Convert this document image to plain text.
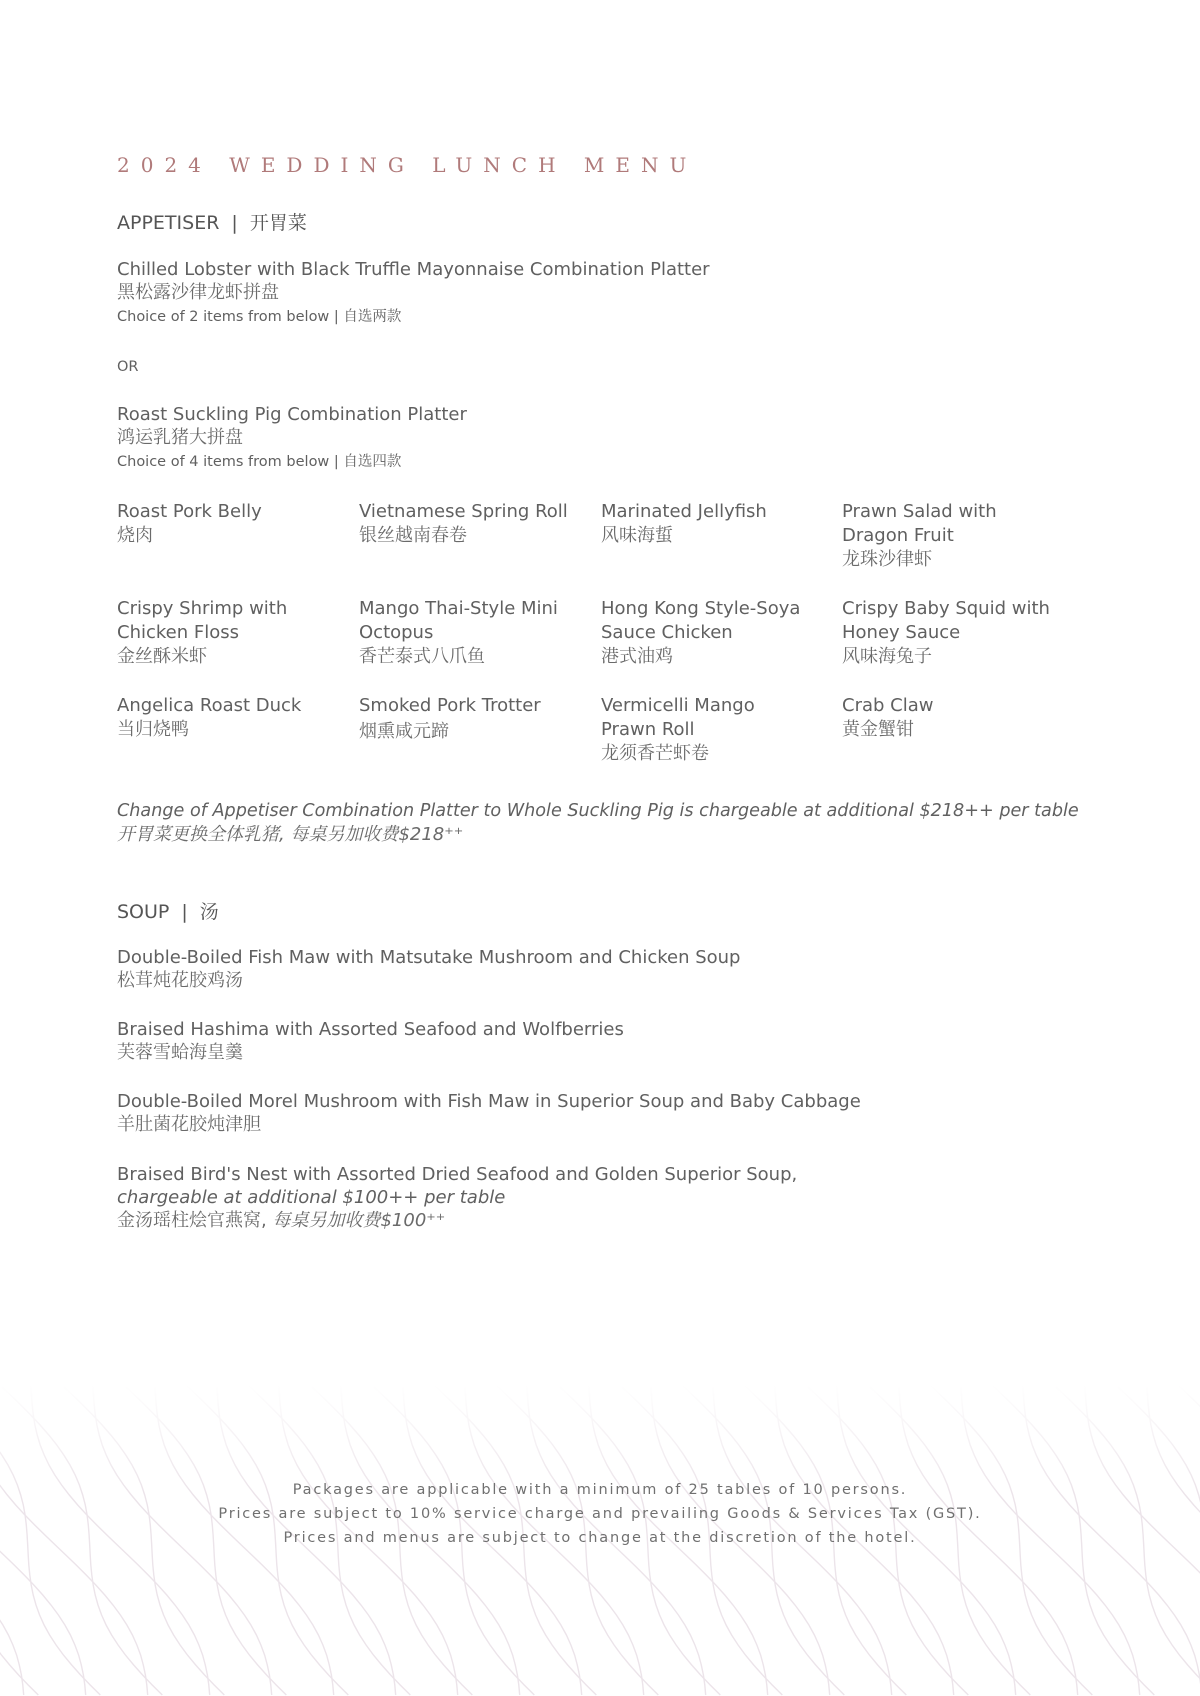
2024 WEDDING LUNCH MENU
APPETISER | 开胃菜
Chilled Lobster with Black Truffle Mayonnaise Combination Platter
黑松露沙律龙虾拼盘
Choice of 2 items from below | 自选两款
OR
Roast Suckling Pig Combination Platter
鸿运乳猪大拼盘
Choice of 4 items from below | 自选四款
Roast Pork Belly
烧肉
Vietnamese Spring Roll
银丝越南春卷
Marinated Jellyfish
风味海蜇
Prawn Salad with
Dragon Fruit
龙珠沙律虾
Crispy Shrimp with
Chicken Floss
金丝酥米虾
Mango Thai-Style Mini
Octopus
香芒泰式八爪鱼
Hong Kong Style-Soya
Sauce Chicken
港式油鸡
Crispy Baby Squid with
Honey Sauce
风味海兔子
Angelica Roast Duck
当归烧鸭
Smoked Pork Trotter
烟熏咸元蹄
Vermicelli Mango
Prawn Roll
龙须香芒虾卷
Crab Claw
黄金蟹钳
Change of Appetiser Combination Platter to Whole Suckling Pig is chargeable at additional $218++ per table
开胃菜更换全体乳猪, 每桌另加收费$218⁺⁺
SOUP | 汤
Double-Boiled Fish Maw with Matsutake Mushroom and Chicken Soup
松茸炖花胶鸡汤
Braised Hashima with Assorted Seafood and Wolfberries
芙蓉雪蛤海皇羹
Double-Boiled Morel Mushroom with Fish Maw in Superior Soup and Baby Cabbage
羊肚菌花胶炖津胆
Braised Bird's Nest with Assorted Dried Seafood and Golden Superior Soup,
chargeable at additional $100++ per table
金汤瑶柱烩官燕窝, 每桌另加收费$100⁺⁺
Packages are applicable with a minimum of 25 tables of 10 persons.
Prices are subject to 10% service charge and prevailing Goods & Services Tax (GST).
Prices and menus are subject to change at the discretion of the hotel.
